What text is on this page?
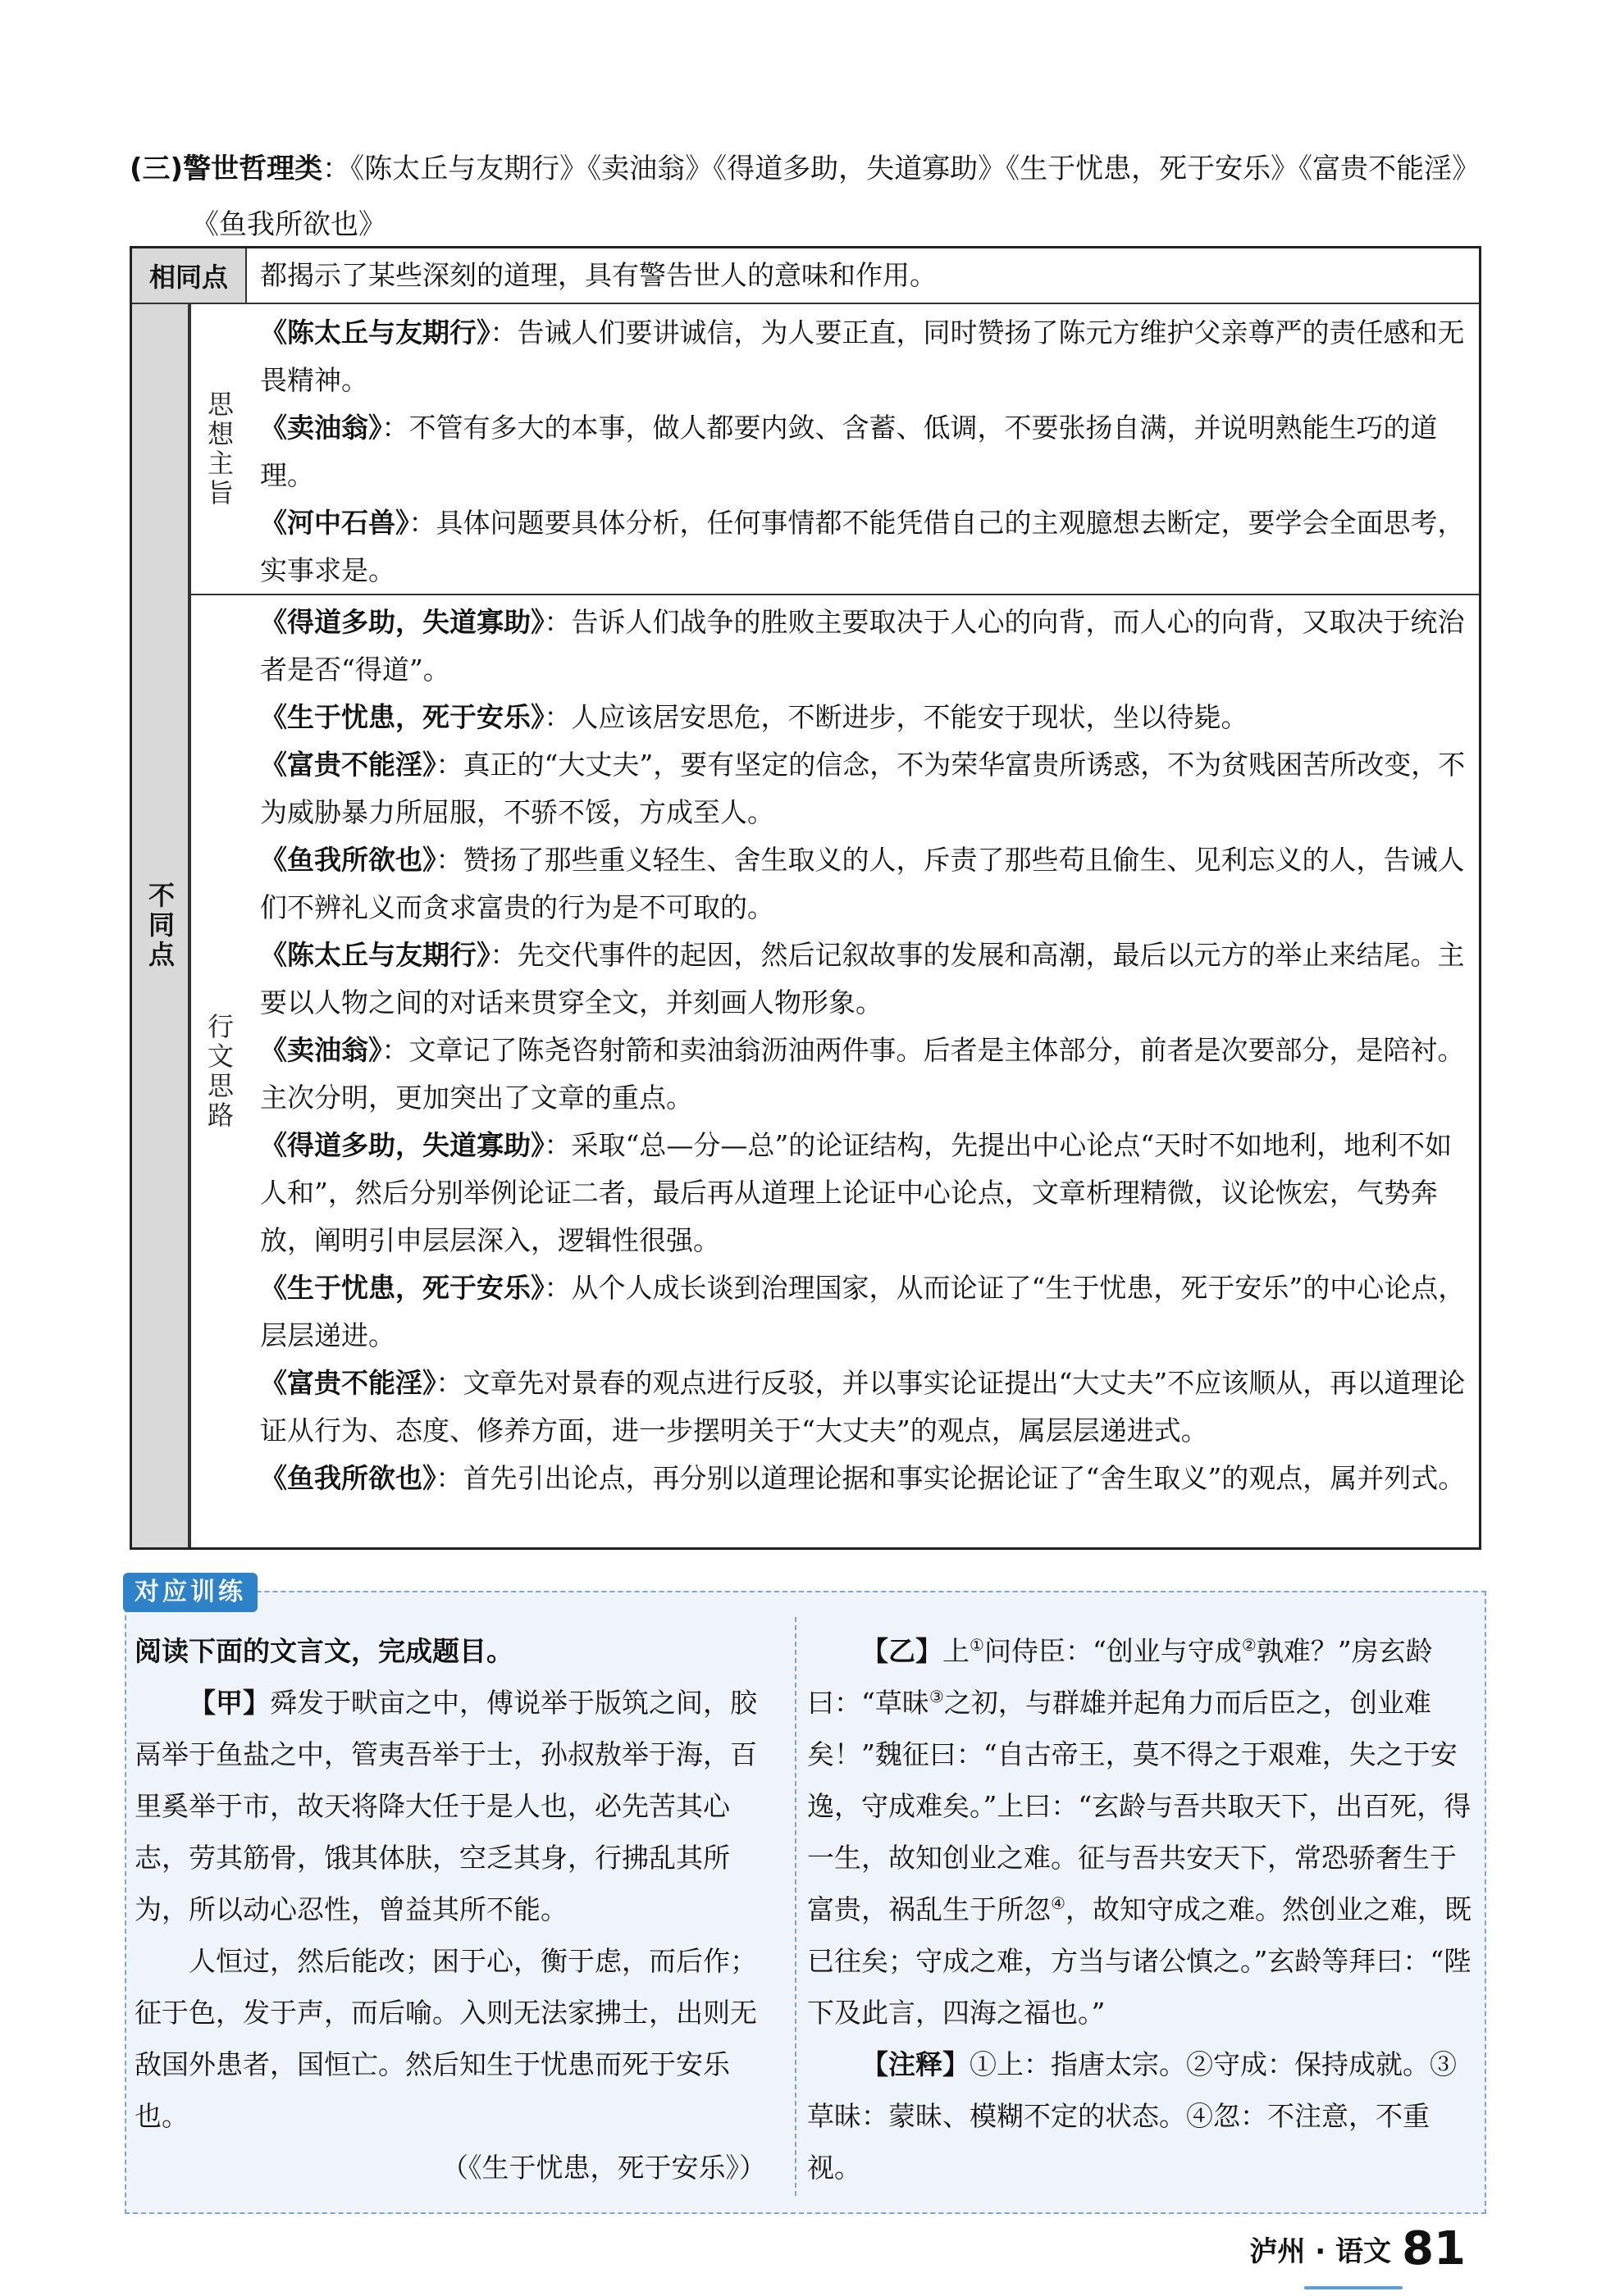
(三)警世哲理类：《陈太丘与友期行》《卖油翁》《得道多助，失道寡助》《生于忧患，死于安乐》《富贵不能淫》
《鱼我所欲也》
相同点	都揭示了某些深刻的道理，具有警告世人的意味和作用。
不同点
思想主旨
行文思路

《陈太丘与友期行》：告诫人们要讲诚信，为人要正直，同时赞扬了陈元方维护父亲尊严的责任感和无畏精神。

《卖油翁》：不管有多大的本事，做人都要内敛、含蓄、低调，不要张扬自满，并说明熟能生巧的道理。

《河中石兽》：具体问题要具体分析，任何事情都不能凭借自己的主观臆想去断定，要学会全面思考，实事求是。

《得道多助，失道寡助》：告诉人们战争的胜败主要取决于人心的向背，而人心的向背，又取决于统治者是否“得道”。

《生于忧患，死于安乐》：人应该居安思危，不断进步，不能安于现状，坐以待毙。

《富贵不能淫》：真正的“大丈夫”，要有坚定的信念，不为荣华富贵所诱惑，不为贫贱困苦所改变，不为威胁暴力所屈服，不骄不馁，方成至人。

《鱼我所欲也》：赞扬了那些重义轻生、舍生取义的人，斥责了那些苟且偷生、见利忘义的人，告诫人们不辨礼义而贪求富贵的行为是不可取的。

《陈太丘与友期行》：先交代事件的起因，然后记叙故事的发展和高潮，最后以元方的举止来结尾。主要以人物之间的对话来贯穿全文，并刻画人物形象。

《卖油翁》：文章记了陈尧咨射箭和卖油翁沥油两件事。后者是主体部分，前者是次要部分，是陪衬。主次分明，更加突出了文章的重点。

《得道多助，失道寡助》：采取“总—分—总”的论证结构，先提出中心论点“天时不如地利，地利不如人和”，然后分别举例论证二者，最后再从道理上论证中心论点，文章析理精微，议论恢宏，气势奔放，阐明引申层层深入，逻辑性很强。

《生于忧患，死于安乐》：从个人成长谈到治理国家，从而论证了“生于忧患，死于安乐”的中心论点，层层递进。

《富贵不能淫》：文章先对景春的观点进行反驳，并以事实论证提出“大丈夫”不应该顺从，再以道理论证从行为、态度、修养方面，进一步摆明关于“大丈夫”的观点，属层层递进式。

《鱼我所欲也》：首先引出论点，再分别以道理论据和事实论据论证了“舍生取义”的观点，属并列式。

对应训练

阅读下面的文言文，完成题目。

【甲】舜发于畎亩之中，傅说举于版筑之间，胶鬲举于鱼盐之中，管夷吾举于士，孙叔敖举于海，百里奚举于市，故天将降大任于是人也，必先苦其心志，劳其筋骨，饿其体肤，空乏其身，行拂乱其所为，所以动心忍性，曾益其所不能。

人恒过，然后能改；困于心，衡于虑，而后作；征于色，发于声，而后喻。入则无法家拂士，出则无敌国外患者，国恒亡。然后知生于忧患而死于安乐也。

（《生于忧患，死于安乐》）

【乙】上①问侍臣：“创业与守成②孰难？”房玄龄曰：“草昧③之初，与群雄并起角力而后臣之，创业难矣！”魏征曰：“自古帝王，莫不得之于艰难，失之于安逸，守成难矣。”上曰：“玄龄与吾共取天下，出百死，得一生，故知创业之难。征与吾共安天下，常恐骄奢生于富贵，祸乱生于所忽④，故知守成之难。然创业之难，既已往矣；守成之难，方当与诸公慎之。”玄龄等拜曰：“陛下及此言，四海之福也。”

【注释】①上：指唐太宗。②守成：保持成就。③草昧：蒙昧、模糊不定的状态。④忽：不注意，不重视。

泸州 · 语文 81
